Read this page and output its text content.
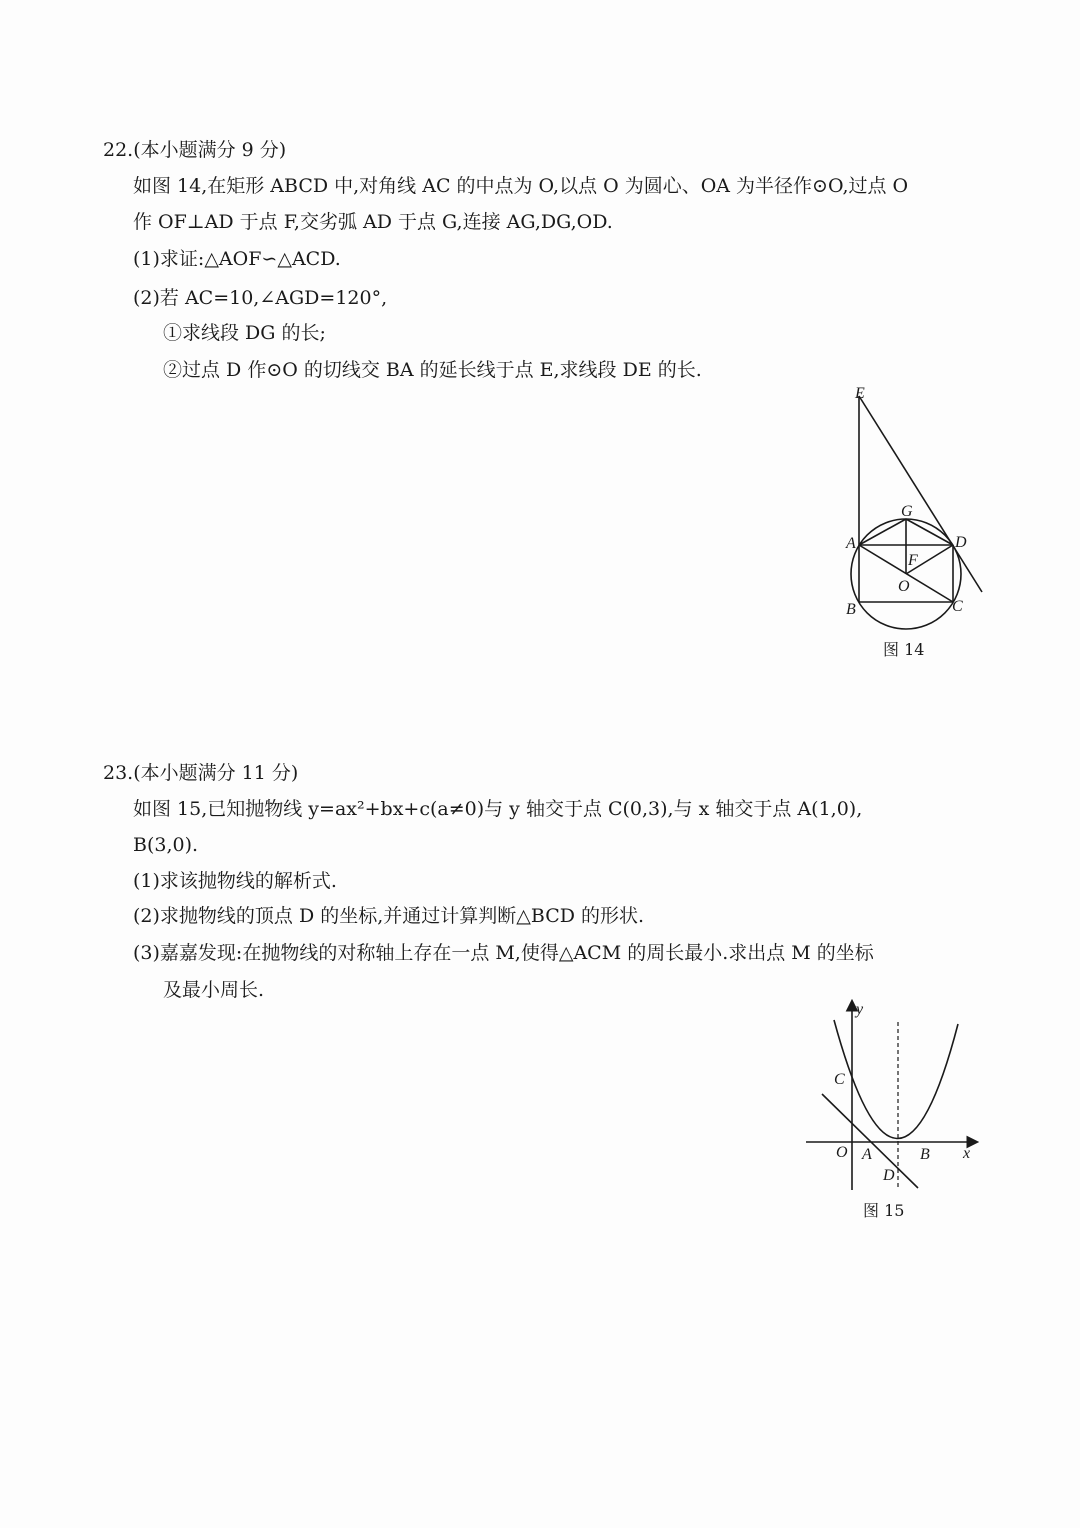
22.(本小题满分 9 分)
如图 14,在矩形 ABCD 中,对角线 AC 的中点为 O,以点 O 为圆心、OA 为半径作⊙O,过点 O
作 OF⊥AD 于点 F,交劣弧 AD 于点 G,连接 AG,DG,OD.
(1)求证:△AOF∽△ACD.
(2)若 AC=10,∠AGD=120°,
①求线段 DG 的长;
②过点 D 作⊙O 的切线交 BA 的延长线于点 E,求线段 DE 的长.
E
G
A	D
F
O
B	C
图 14
23.(本小题满分 11 分)
如图 15,已知抛物线 y=ax²+bx+c(a≠0)与 y 轴交于点 C(0,3),与 x 轴交于点 A(1,0),
B(3,0).
(1)求该抛物线的解析式.
(2)求抛物线的顶点 D 的坐标,并通过计算判断△BCD 的形状.
(3)嘉嘉发现:在抛物线的对称轴上存在一点 M,使得△ACM 的周长最小.求出点 M 的坐标
及最小周长.
y
x
C
O A	B
D
图 15
